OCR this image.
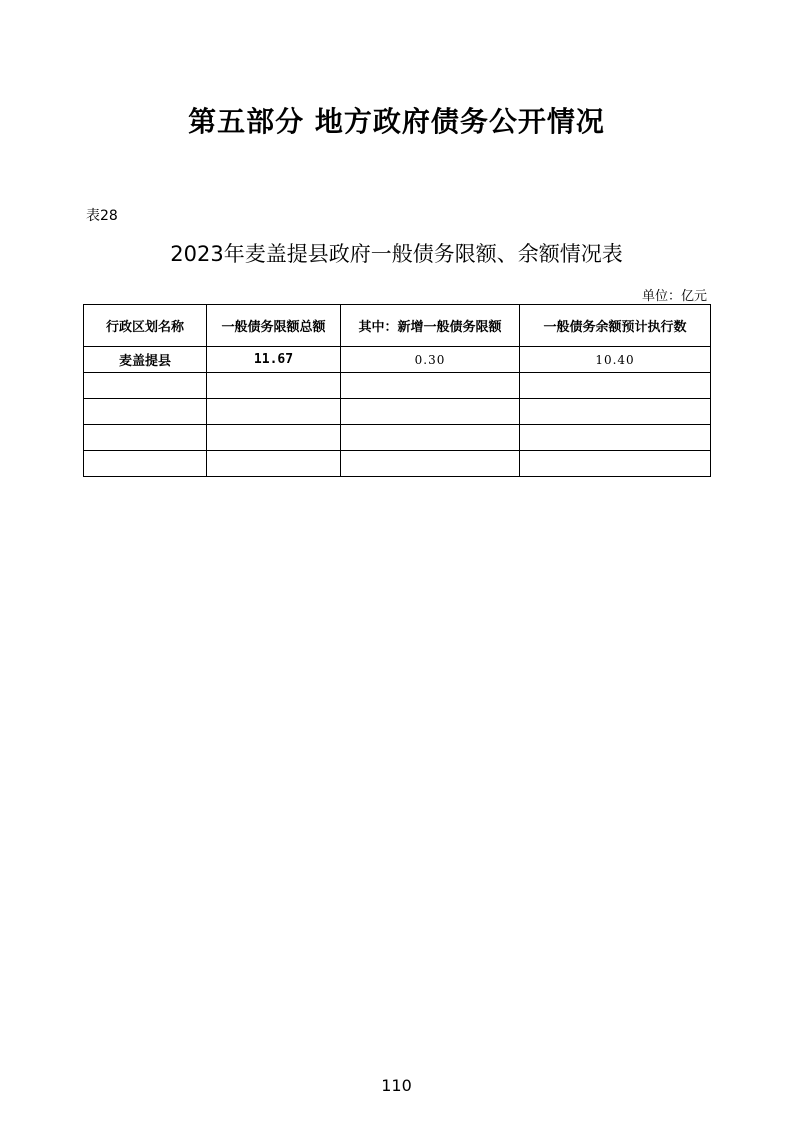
第五部分 地方政府债务公开情况
表28
2023年麦盖提县政府一般债务限额、余额情况表
单位：亿元
行政区划名称	一般债务限额总额	其中：新增一般债务限额	一般债务余额预计执行数
麦盖提县	11.67	0.30	10.40

110
